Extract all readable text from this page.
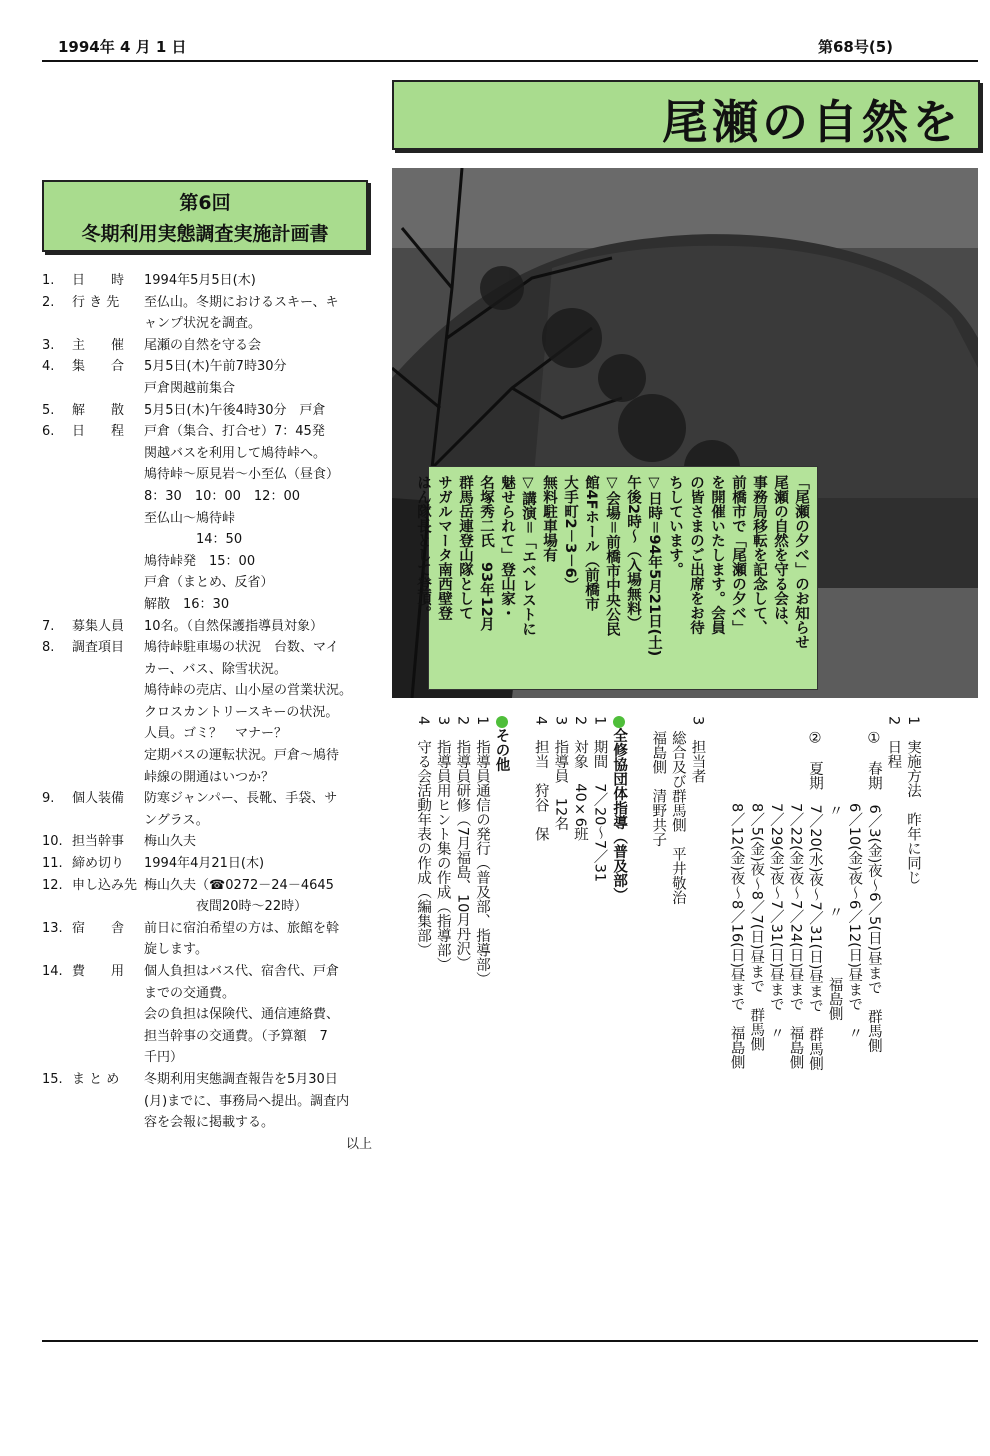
1994年 4 月 1 日	第68号(5)
尾瀬の自然を
第6回
冬期利用実態調査実施計画書
1.	日　　時	1994年5月5日(木)
2.	行 き 先	至仏山。冬期におけるスキー、キ
ャンプ状況を調査。
3.	主　　催	尾瀬の自然を守る会
4.	集　　合	5月5日(木)午前7時30分
戸倉関越前集合
5.	解　　散	5月5日(木)午後4時30分　戸倉
6.	日　　程	戸倉（集合、打合せ）7：45発
関越バスを利用して鳩待峠へ。
鳩待峠～原見岩～小至仏（昼食）
8：30　10：00　12：00
至仏山～鳩待峠
　　　　14：50
鳩待峠発　15：00
戸倉（まとめ、反省）
解散　16：30
7.	募集人員	10名。（自然保護指導員対象）
8.	調査項目	鳩待峠駐車場の状況　台数、マイ
カー、バス、除雪状況。
鳩待峠の売店、山小屋の営業状況。
クロスカントリースキーの状況。
人員。ゴミ？　マナー？
定期バスの運転状況。戸倉～鳩待
峠線の開通はいつか？
9.	個人装備	防寒ジャンパー、長靴、手袋、サ
ングラス。
10. 担当幹事	梅山久夫
11. 締め切り	1994年4月21日(木)
12. 申し込み先 梅山久夫（☎0272－24－4645
　　　　夜間20時～22時）
13. 宿　　舎	前日に宿泊希望の方は、旅館を斡
旋します。
14. 費　　用	個人負担はバス代、宿舎代、戸倉
までの交通費。
会の負担は保険代、通信連絡費、
担当幹事の交通費。（予算額　7
千円）
15. ま と め	冬期利用実態調査報告を5月30日
(月)までに、事務局へ提出。調査内
容を会報に掲載する。
以上
「尾瀬の夕べ」のお知らせ
尾瀬の自然を守る会は、
事務局移転を記念して、
前橋市で「尾瀬の夕べ」
を開催いたします。会員
の皆さまのご出席をお待
ちしています。
▽日時＝94年5月21日(土)
午後2時～（入場無料）
▽会場＝前橋市中央公民
館4Fホール（前橋市
大手町2－3－6）
無料駐車場有
▽講演＝「エベレストに
魅せられて」登山家・
名塚秀二氏　93年12月
群馬岳連登山隊として
サガルマータ南西壁登
はん隊長として登頂。
1　実施方法　昨年に同じ
2　日程
　①　春期　6／3(金)夜～6／5(日)昼まで　群馬側
　　　　　　6／10(金)夜～6／12(日)昼まで　〃
　　　　　　〃　　　　　　〃　　　　福島側
　②　夏期　7／20(水)夜～7／31(日)昼まで　群馬側
　　　　　　7／22(金)夜～7／24(日)昼まで　福島側
　　　　　　7／29(金)夜～7／31(日)昼まで　〃
　　　　　　8／5(金)夜～8／7(日)昼まで　群馬側
　　　　　　8／12(金)夜～8／16(日)昼まで　福島側

3　担当者
　総合及び群馬側　平井敬治
　福島側　清野共子

全修協団体指導（普及部）
1　期間　7／20～7／31
2　対象　40×6班
3　指導員　12名
4　担当　狩谷　保

その他
1　指導員通信の発行（普及部、指導部）
2　指導員研修（7月福島、10月丹沢）
3　指導員用ヒント集の作成（指導部）
4　守る会活動年表の作成（編集部）
